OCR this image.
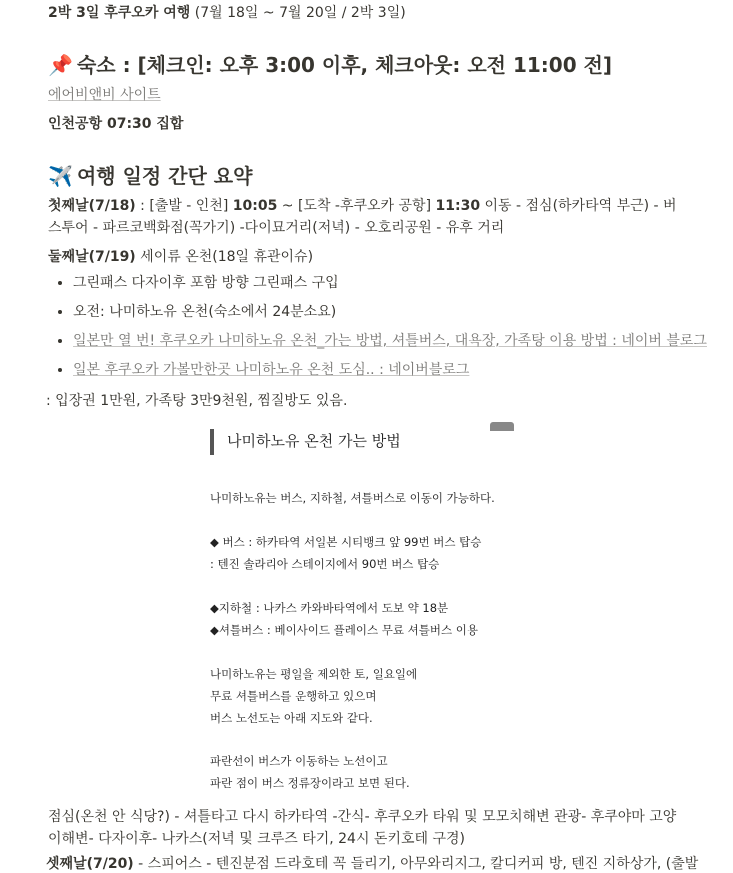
2박 3일 후쿠오카 여행 (7월 18일 ~ 7월 20일 / 2박 3일)
📌 숙소 : [체크인: 오후 3:00 이후, 체크아웃: 오전 11:00 전]
에어비앤비 사이트
인천공항 07:30 집합
✈️ 여행 일정 간단 요약
첫째날(7/18) : [출발 - 인천] 10:05 ~ [도착 -후쿠오카 공항] 11:30 이동 - 점심(하카타역 부근) - 버스투어 - 파르코백화점(꼭가기) -다이묘거리(저녁) - 오호리공원 - 유후 거리
둘째날(7/19) 세이류 온천(18일 휴관이슈)
• 그린패스 다자이후 포함 방향 그린패스 구입
• 오전: 나미하노유 온천(숙소에서 24분소요)
• 일본만 열 번! 후쿠오카 나미하노유 온천_가는 방법, 셔틀버스, 대욕장, 가족탕 이용 방법 : 네이버 블로그
• 일본 후쿠오카 가볼만한곳 나미하노유 온천 도심.. : 네이버블로그
: 입장권 1만원, 가족탕 3만9천원, 찜질방도 있음.
점심(온천 안 식당?) - 셔틀타고 다시 하카타역 -간식- 후쿠오카 타워 및 모모치해변 관광- 후쿠야마 고양이해변- 다자이후- 나카스(저녁 및 크루즈 타기, 24시 돈키호테 구경)
셋째날(7/20) - 스피어스 - 텐진분점 드라호테 꼭 들리기, 아무와리지그, 칼디커피 방, 텐진 지하상가, (출발
나미하노유 온천 가는 방법
나미하노유는 버스, 지하철, 셔틀버스로 이동이 가능하다.
◆ 버스 : 하카타역 서일본 시티뱅크 앞 99번 버스 탑승
: 텐진 솔라리아 스테이지에서 90번 버스 탑승
◆지하철 : 나카스 카와바타역에서 도보 약 18분
◆셔틀버스 : 베이사이드 플레이스 무료 셔틀버스 이용
나미하노유는 평일을 제외한 토, 일요일에
무료 셔틀버스를 운행하고 있으며
버스 노선도는 아래 지도와 같다.
파란선이 버스가 이동하는 노선이고
파란 점이 버스 정류장이라고 보면 된다.
